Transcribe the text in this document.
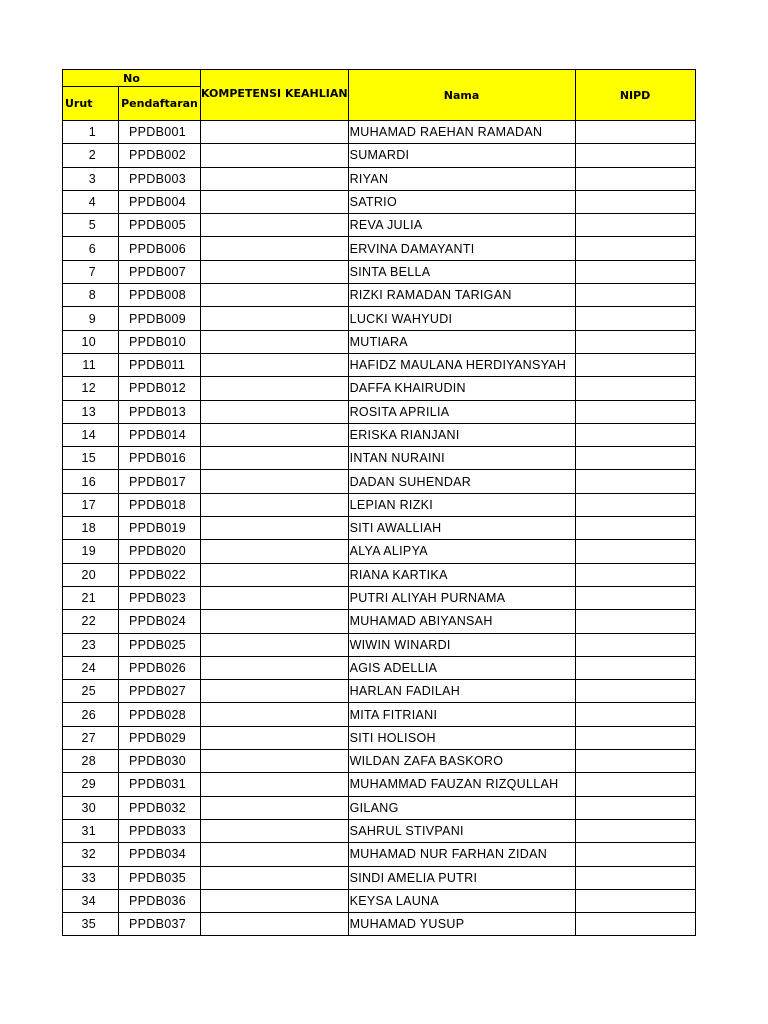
No		KOMPETENSI KEAHLIAN	Nama	NIPD
Urut	Pendaftaran			
1	PPDB001		MUHAMAD RAEHAN RAMADAN	
2	PPDB002		SUMARDI	
3	PPDB003		RIYAN	
4	PPDB004		SATRIO	
5	PPDB005		REVA JULIA	
6	PPDB006		ERVINA DAMAYANTI	
7	PPDB007		SINTA BELLA	
8	PPDB008		RIZKI RAMADAN TARIGAN	
9	PPDB009		LUCKI WAHYUDI	
10	PPDB010		MUTIARA	
11	PPDB011		HAFIDZ MAULANA HERDIYANSYAH	
12	PPDB012		DAFFA KHAIRUDIN	
13	PPDB013		ROSITA APRILIA	
14	PPDB014		ERISKA RIANJANI	
15	PPDB016		INTAN NURAINI	
16	PPDB017		DADAN SUHENDAR	
17	PPDB018		LEPIAN RIZKI	
18	PPDB019		SITI AWALLIAH	
19	PPDB020		ALYA ALIPYA	
20	PPDB022		RIANA KARTIKA	
21	PPDB023		PUTRI ALIYAH PURNAMA	
22	PPDB024		MUHAMAD ABIYANSAH	
23	PPDB025		WIWIN WINARDI	
24	PPDB026		AGIS ADELLIA	
25	PPDB027		HARLAN FADILAH	
26	PPDB028		MITA FITRIANI	
27	PPDB029		SITI HOLISOH	
28	PPDB030		WILDAN ZAFA BASKORO	
29	PPDB031		MUHAMMAD FAUZAN RIZQULLAH	
30	PPDB032		GILANG	
31	PPDB033		SAHRUL STIVPANI	
32	PPDB034		MUHAMAD NUR FARHAN ZIDAN	
33	PPDB035		SINDI AMELIA PUTRI	
34	PPDB036		KEYSA LAUNA	
35	PPDB037		MUHAMAD YUSUP	
